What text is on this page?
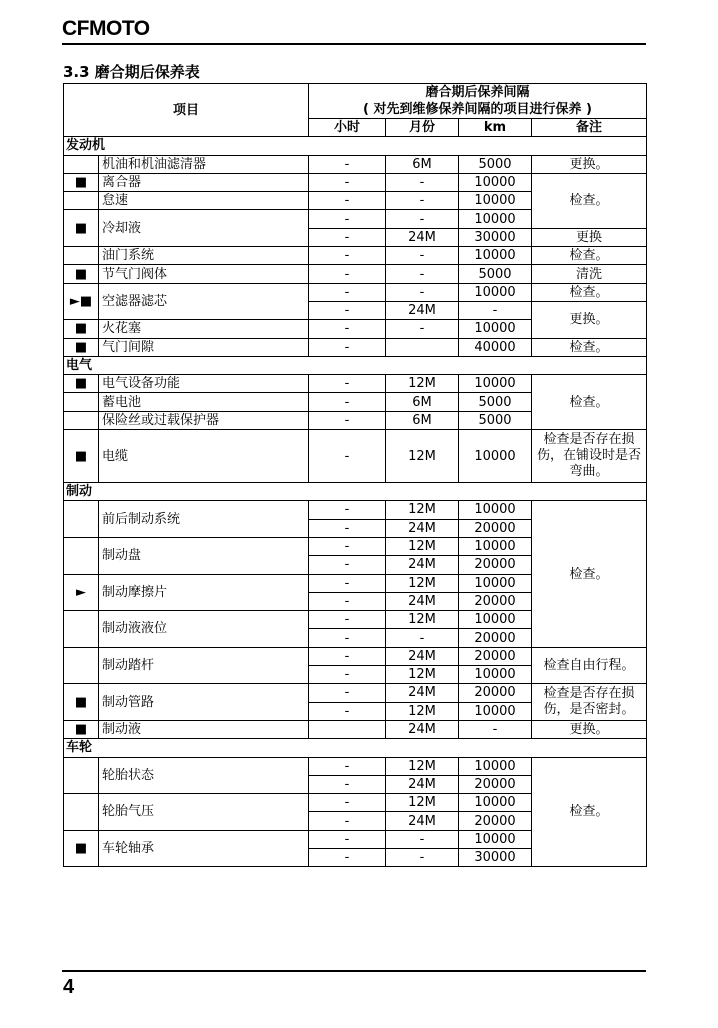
CFMOTO
3.3 磨合期后保养表
项目		磨合期后保养间隔
( 对先到维修保养间隔的项目进行保养 )			
		小时	月份	km	备注
发动机					
	机油和机油滤清器	-	6M	5000	更换。
■	离合器	-	-	10000	检查。
	怠速	-	-	10000	
■	冷却液	-	-	10000	
		-	24M	30000	更换
	油门系统	-	-	10000	检查。
■	节气门阀体	-	-	5000	清洗
►■	空滤器滤芯	-	-	10000	检查。
		-	24M	-	更换。
■	火花塞	-	-	10000	
■	气门间隙	-		40000	检查。
电气					
■	电气设备功能	-	12M	10000	检查。
	蓄电池	-	6M	5000	
	保险丝或过载保护器	-	6M	5000	
■	电缆	-	12M	10000	检查是否存在损伤，在铺设时是否弯曲。
制动					
	前后制动系统	-	12M	10000	检查。
		-	24M	20000	
	制动盘	-	12M	10000	
		-	24M	20000	
►	制动摩擦片	-	12M	10000	
		-	24M	20000	
	制动液液位	-	12M	10000	
		-	-	20000	
	制动踏杆	-	24M	20000	检查自由行程。
		-	12M	10000	
■	制动管路	-	24M	20000	检查是否存在损伤，是否密封。
		-	12M	10000	
■	制动液		24M	-	更换。
车轮					
	轮胎状态	-	12M	10000	检查。
		-	24M	20000	
	轮胎气压	-	12M	10000	
		-	24M	20000	
■	车轮轴承	-	-	10000	
		-	-	30000	
4
